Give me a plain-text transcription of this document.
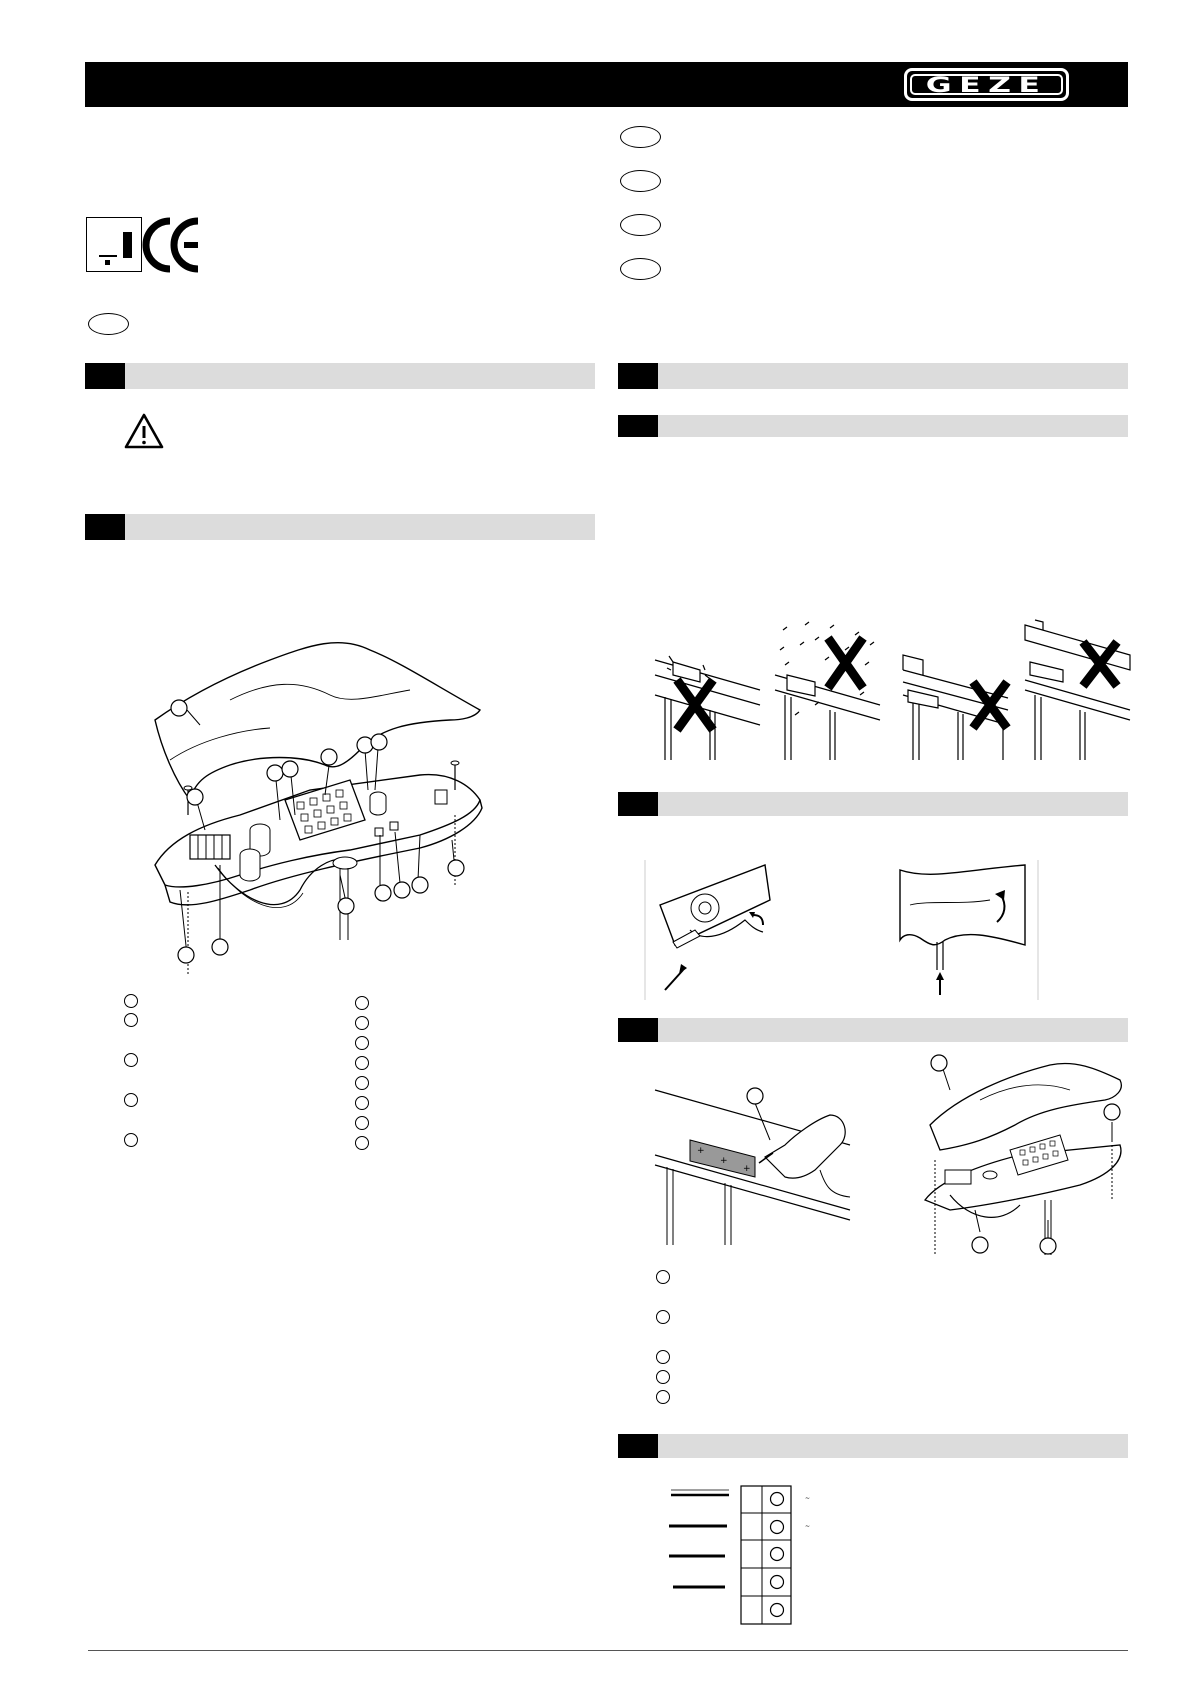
GEZE
+
+
+
~
~
